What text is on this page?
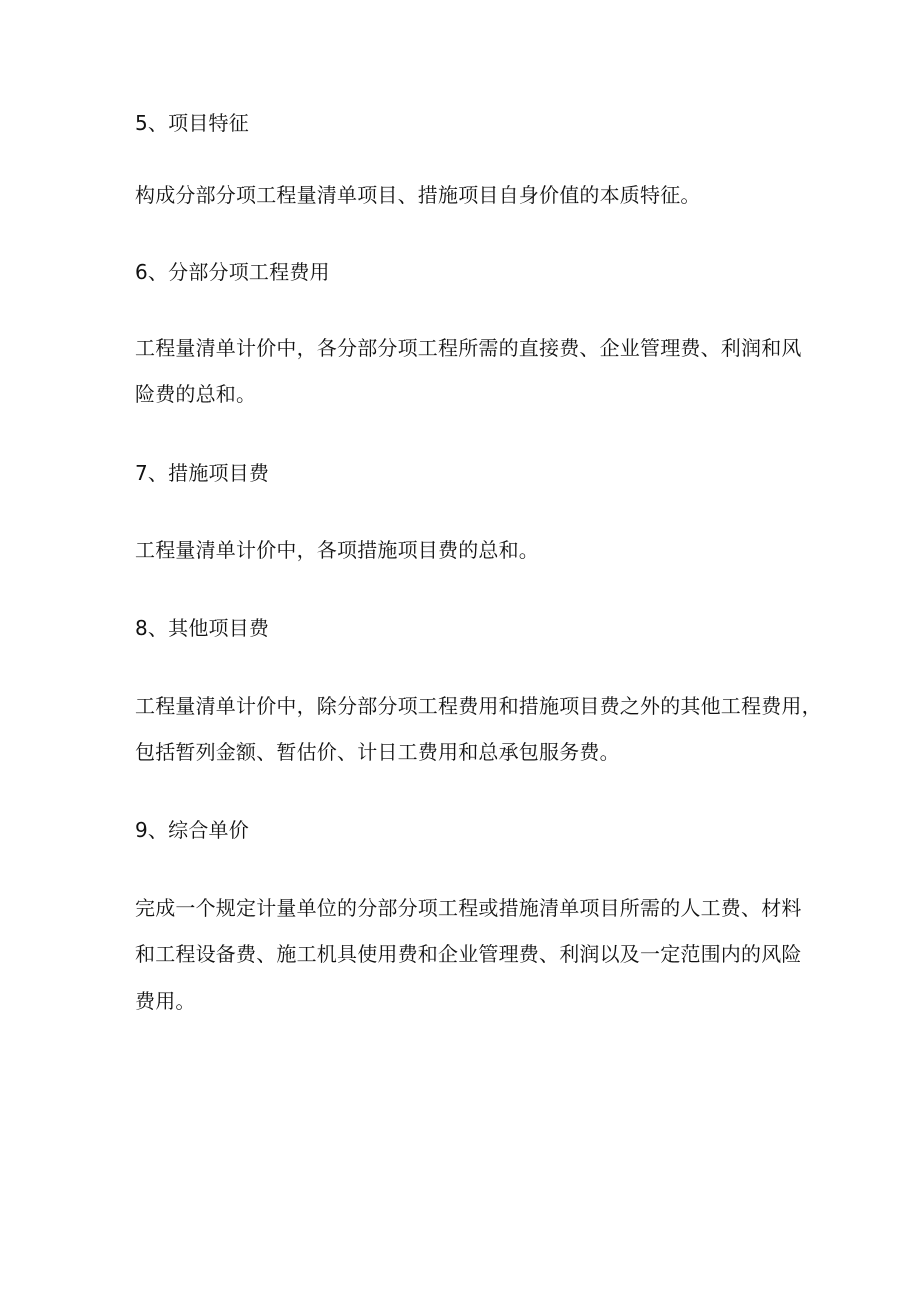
5、项目特征
构成分部分项工程量清单项目、措施项目自身价值的本质特征。
6、分部分项工程费用
工程量清单计价中，各分部分项工程所需的直接费、企业管理费、利润和风
险费的总和。
7、措施项目费
工程量清单计价中，各项措施项目费的总和。
8、其他项目费
工程量清单计价中，除分部分项工程费用和措施项目费之外的其他工程费用，
包括暂列金额、暂估价、计日工费用和总承包服务费。
9、综合单价
完成一个规定计量单位的分部分项工程或措施清单项目所需的人工费、材料
和工程设备费、施工机具使用费和企业管理费、利润以及一定范围内的风险
费用。
